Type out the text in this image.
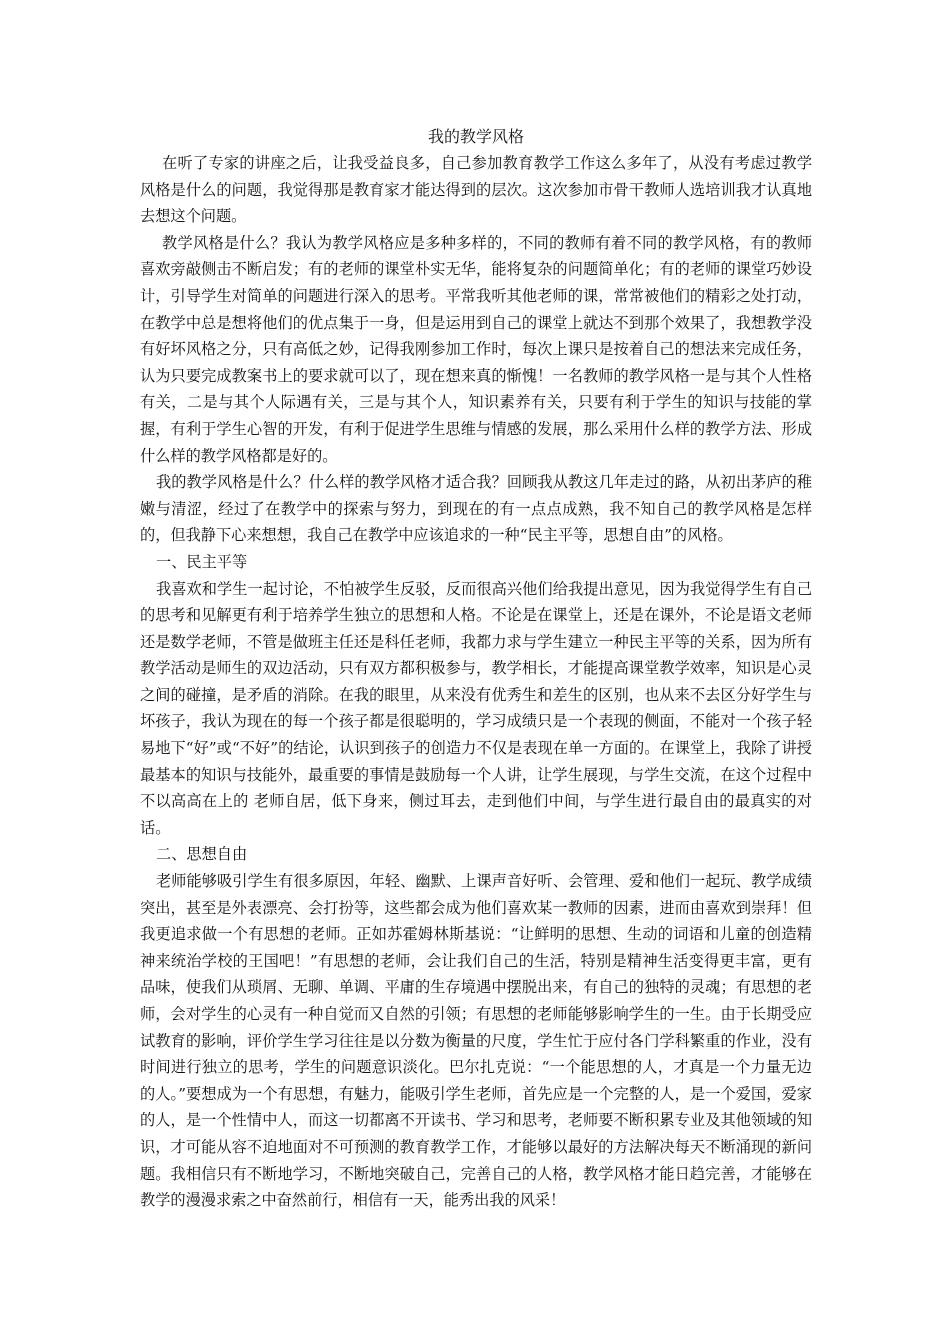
我的教学风格

在听了专家的讲座之后，让我受益良多，自己参加教育教学工作这么多年了，从没有考虑过教学风格是什么的问题，我觉得那是教育家才能达得到的层次。这次参加市骨干教师人选培训我才认真地去想这个问题。

教学风格是什么？我认为教学风格应是多种多样的，不同的教师有着不同的教学风格，有的教师喜欢旁敲侧击不断启发；有的老师的课堂朴实无华，能将复杂的问题简单化；有的老师的课堂巧妙设计，引导学生对简单的问题进行深入的思考。平常我听其他老师的课，常常被他们的精彩之处打动，在教学中总是想将他们的优点集于一身，但是运用到自己的课堂上就达不到那个效果了，我想教学没有好坏风格之分，只有高低之妙，记得我刚参加工作时，每次上课只是按着自己的想法来完成任务，认为只要完成教案书上的要求就可以了，现在想来真的惭愧！一名教师的教学风格一是与其个人性格有关，二是与其个人际遇有关，三是与其个人，知识素养有关，只要有利于学生的知识与技能的掌握，有利于学生心智的开发，有利于促进学生思维与情感的发展，那么采用什么样的教学方法、形成什么样的教学风格都是好的。

我的教学风格是什么？什么样的教学风格才适合我？回顾我从教这几年走过的路，从初出茅庐的稚嫩与清涩，经过了在教学中的探索与努力，到现在的有一点点成熟，我不知自己的教学风格是怎样的，但我静下心来想想，我自己在教学中应该追求的一种“民主平等，思想自由”的风格。

一、民主平等

我喜欢和学生一起讨论，不怕被学生反驳，反而很高兴他们给我提出意见，因为我觉得学生有自己的思考和见解更有利于培养学生独立的思想和人格。不论是在课堂上，还是在课外，不论是语文老师还是数学老师，不管是做班主任还是科任老师，我都力求与学生建立一种民主平等的关系，因为所有教学活动是师生的双边活动，只有双方都积极参与，教学相长，才能提高课堂教学效率，知识是心灵之间的碰撞，是矛盾的消除。在我的眼里，从来没有优秀生和差生的区别，也从来不去区分好学生与坏孩子，我认为现在的每一个孩子都是很聪明的，学习成绩只是一个表现的侧面，不能对一个孩子轻易地下“好”或“不好”的结论，认识到孩子的创造力不仅是表现在单一方面的。在课堂上，我除了讲授最基本的知识与技能外，最重要的事情是鼓励每一个人讲，让学生展现，与学生交流，在这个过程中不以高高在上的 老师自居，低下身来，侧过耳去，走到他们中间，与学生进行最自由的最真实的对话。

二、思想自由

老师能够吸引学生有很多原因，年轻、幽默、上课声音好听、会管理、爱和他们一起玩、教学成绩突出，甚至是外表漂亮、会打扮等，这些都会成为他们喜欢某一教师的因素，进而由喜欢到崇拜！但我更追求做一个有思想的老师。正如苏霍姆林斯基说：“让鲜明的思想、生动的词语和儿童的创造精神来统治学校的王国吧！”有思想的老师，会让我们自己的生活，特别是精神生活变得更丰富，更有品味，使我们从琐屑、无聊、单调、平庸的生存境遇中摆脱出来，有自己的独特的灵魂；有思想的老师，会对学生的心灵有一种自觉而又自然的引领；有思想的老师能够影响学生的一生。由于长期受应试教育的影响，评价学生学习往往是以分数为衡量的尺度，学生忙于应付各门学科繁重的作业，没有时间进行独立的思考，学生的问题意识淡化。巴尔扎克说：“一个能思想的人，才真是一个力量无边的人。”要想成为一个有思想，有魅力，能吸引学生老师，首先应是一个完整的人，是一个爱国，爱家的人，是一个性情中人，而这一切都离不开读书、学习和思考，老师要不断积累专业及其他领域的知识，才可能从容不迫地面对不可预测的教育教学工作，才能够以最好的方法解决每天不断涌现的新问题。我相信只有不断地学习，不断地突破自己，完善自己的人格，教学风格才能日趋完善，才能够在教学的漫漫求索之中奋然前行，相信有一天，能秀出我的风采！
